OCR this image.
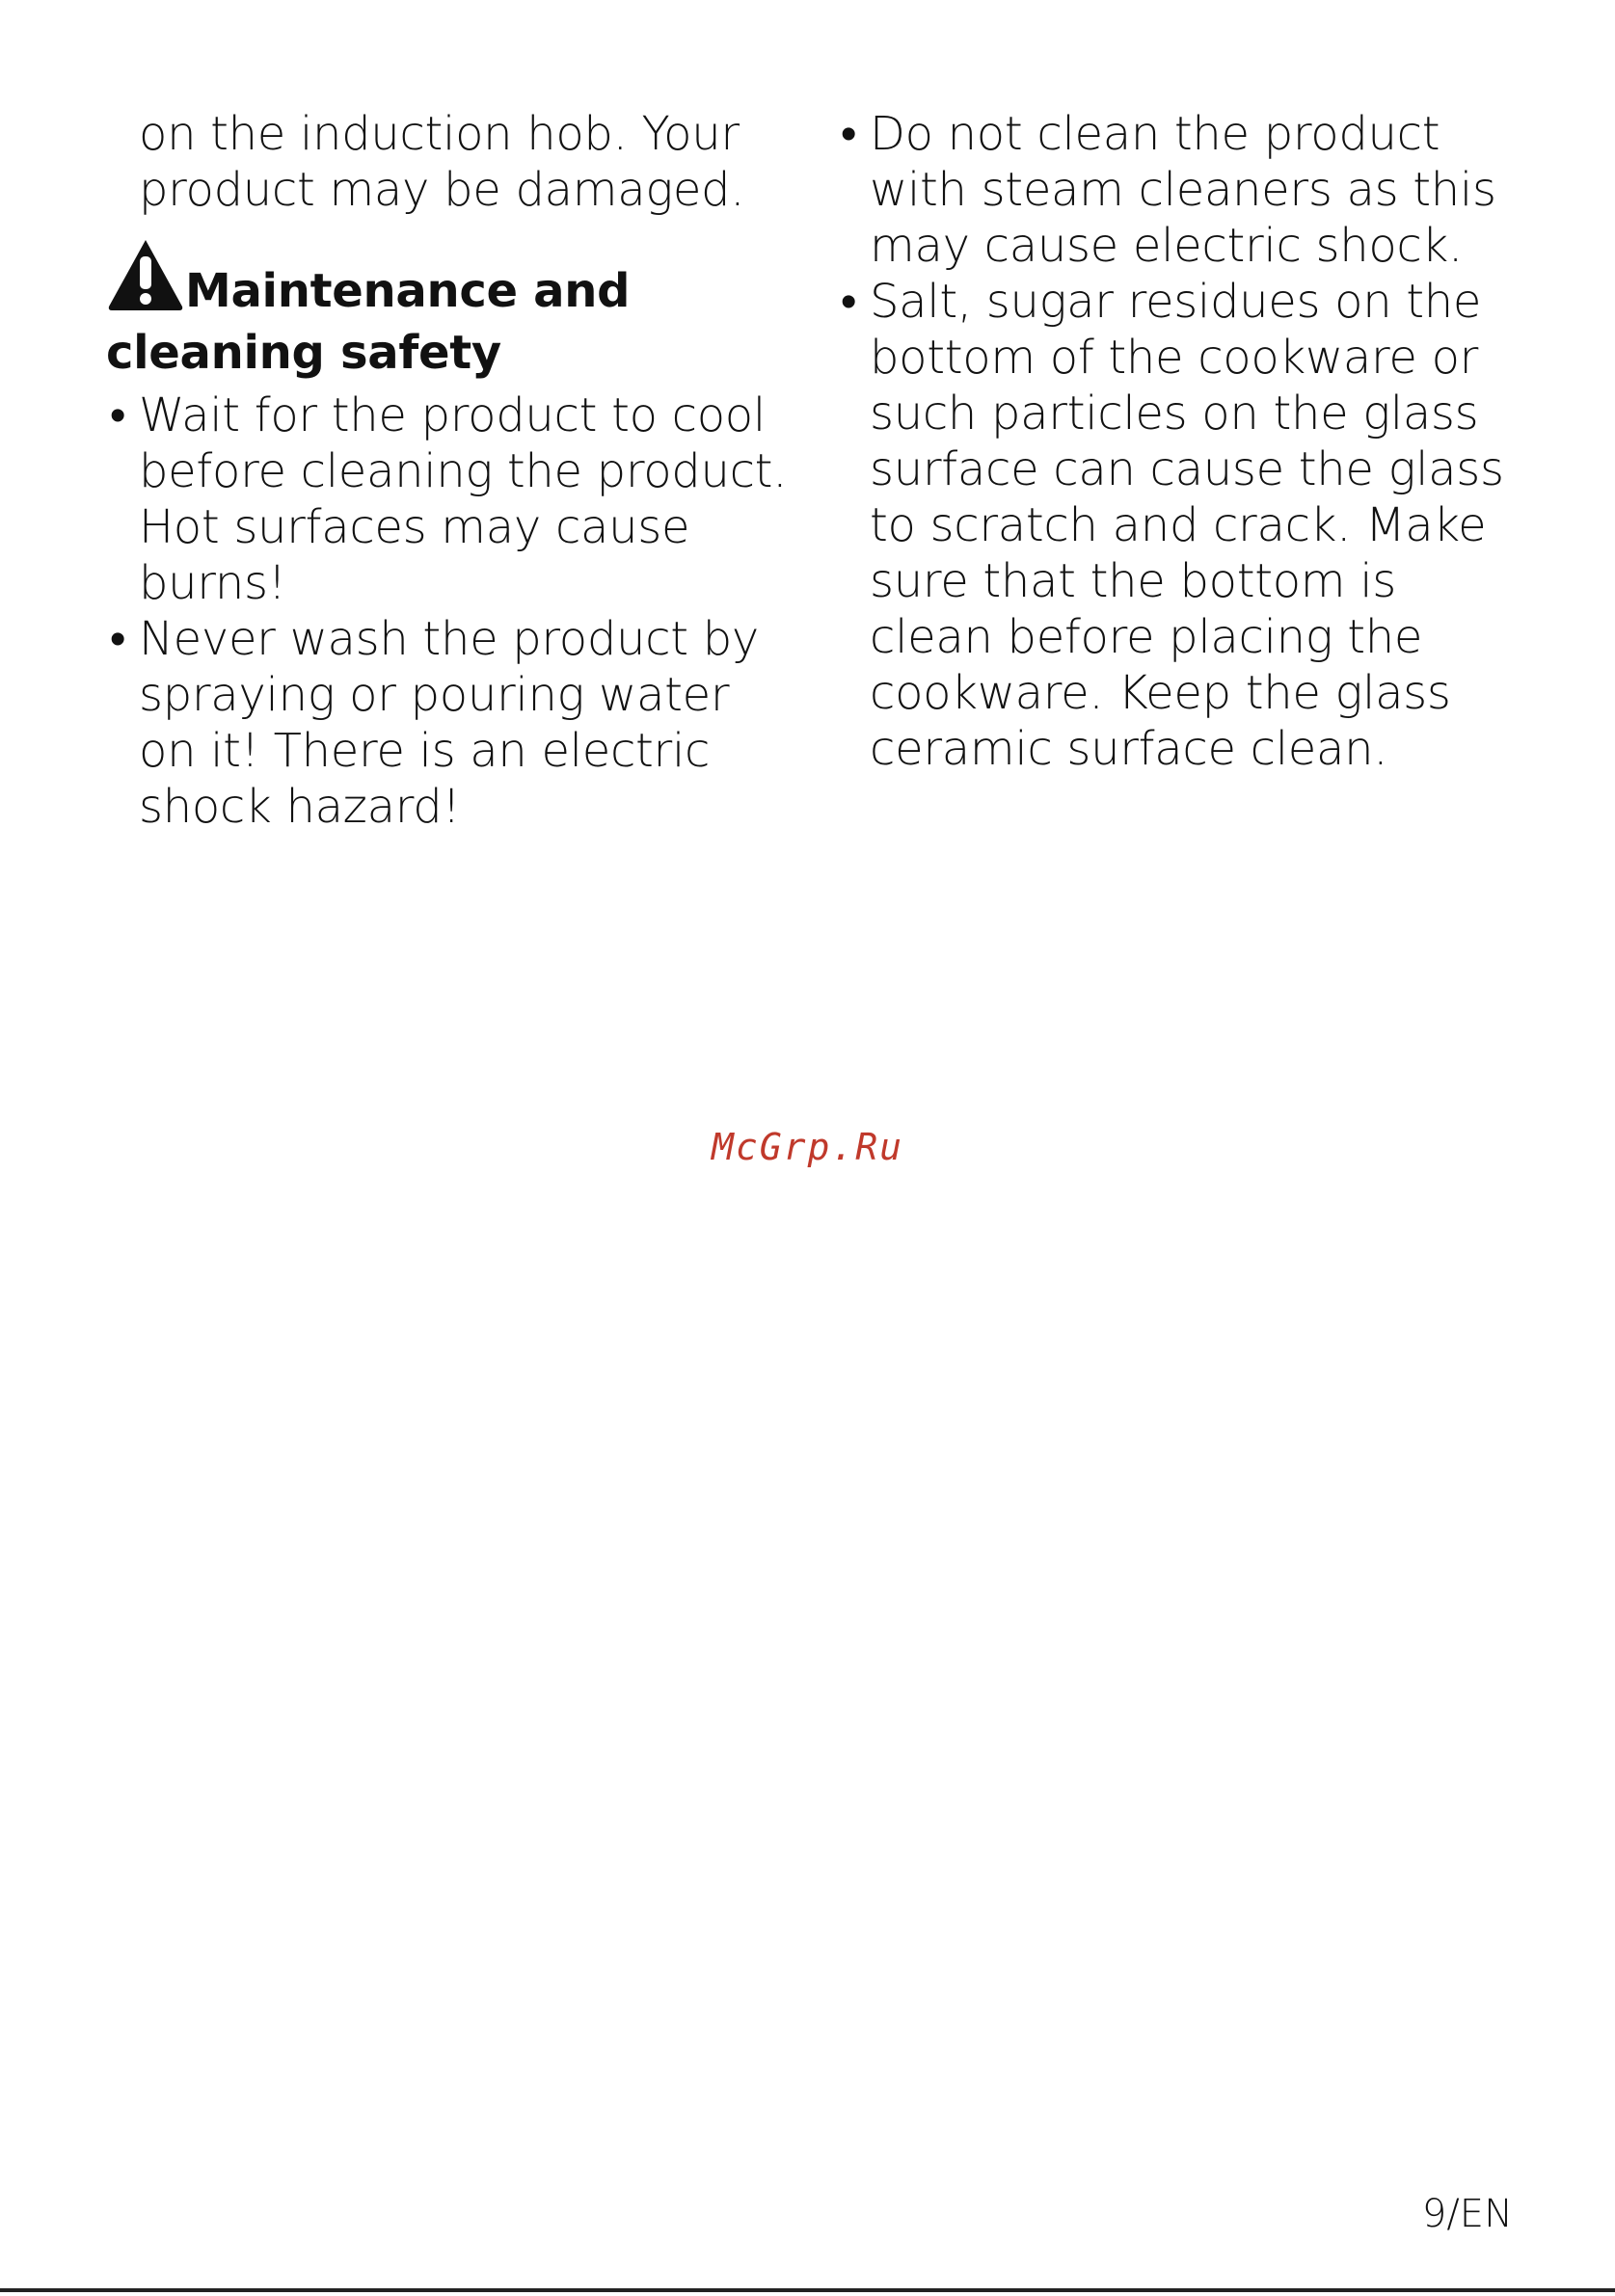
on the induction hob. Your product may be damaged.
Maintenance and
cleaning safety
• Wait for the product to cool before cleaning the product. Hot surfaces may cause burns!
• Never wash the product by spraying or pouring water on it! There is an electric shock hazard!
• Do not clean the product with steam cleaners as this may cause electric shock.
• Salt, sugar residues on the bottom of the cookware or such particles on the glass surface can cause the glass to scratch and crack. Make sure that the bottom is clean before placing the cookware. Keep the glass ceramic surface clean.
McGrp.Ru
9/EN
